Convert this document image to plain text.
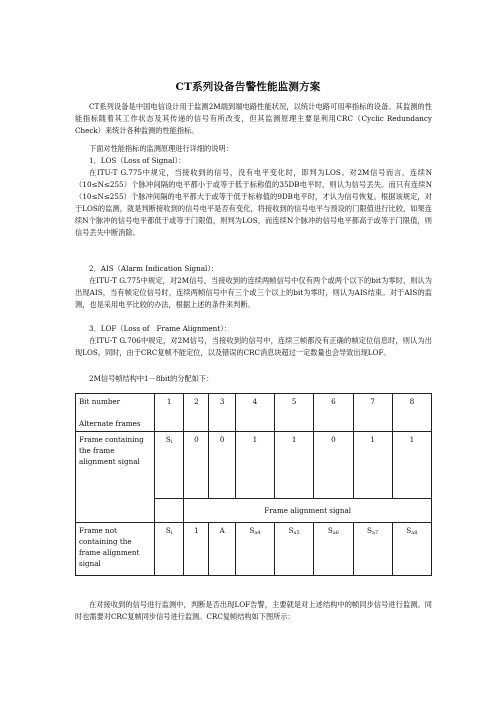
CT系列设备告警性能监测方案
CT系列设备是中国电信设计用于监测2M端到端电路性能状况，以统计电路可用率指标的设备。其监测的性能指标随着其工作状态及其传递的信号有所改变，但其监测原理主要是利用CRC（Cyclic Redundancy Check）来统计各种监测的性能指标。
下面对性能指标的监测原理进行详细的说明：
1．LOS（Loss of Signal）：
在ITU-T G.775中规定，当接收到的信号，没有电平变化时，即判为LOS。对2M信号而言，连续N（10≤N≤255）个脉冲间隔的电平都小于或等于低于标称值的35DB电平时，则认为信号丢失。而只有连续N（10≤N≤255）个脉冲间隔的电平都大于或等于低于标称值的9DB电平时，才认为信号恢复。根据该规定，对于LOS的监测，就是判断接收到的信号电平是否有变化，将接收到的信号电平与预设的门限值进行比较，如果连续N个脉冲的信号电平都低于或等于门限值，则判为LOS，而连续N个脉冲的信号电平都高于或等于门限值，则信号丢失中断消除。
2．AIS（Alarm Indication Signal）：
在ITU-T G.775中规定，对2M信号，当接收到的连续两帧信号中仅有两个或两个以下的bit为零时，则认为出现AIS，当有帧定位信号时，连续两帧信号中有三个或三个以上的bit为零时，则认为AIS结束。对于AIS的监测，也是采用电平比较的办法，根据上述的条件来判断。
3．LOF（Loss of　Frame Alignment）：
在ITU-T G.706中规定，对2M信号，当接收到的信号中，连续三帧都没有正确的帧定位信息时，则认为出现LOS。同时，由于CRC复帧不能定位，以及错误的CRC消息块超过一定数量也会导致出现LOF。
2M信号帧结构中1－8bit的分配如下：
Bit number
Alternate frames	1	2	3	4	5	6	7	8
Frame containing the frame alignment signal	$S_i$	0	0	1	1	0	1	1
		Frame alignment signal						
Frame not containing the frame alignment signal	$S_i$	1	A	$S_{a4}$	$S_{a5}$	$S_{a6}$	$S_{a7}$	$S_{a8}$
在对接收到的信号进行监测中，判断是否出现LOF告警，主要就是对上述结构中的帧同步信号进行监测。同时也需要对CRC复帧同步信号进行监测。CRC复帧结构如下图所示：
